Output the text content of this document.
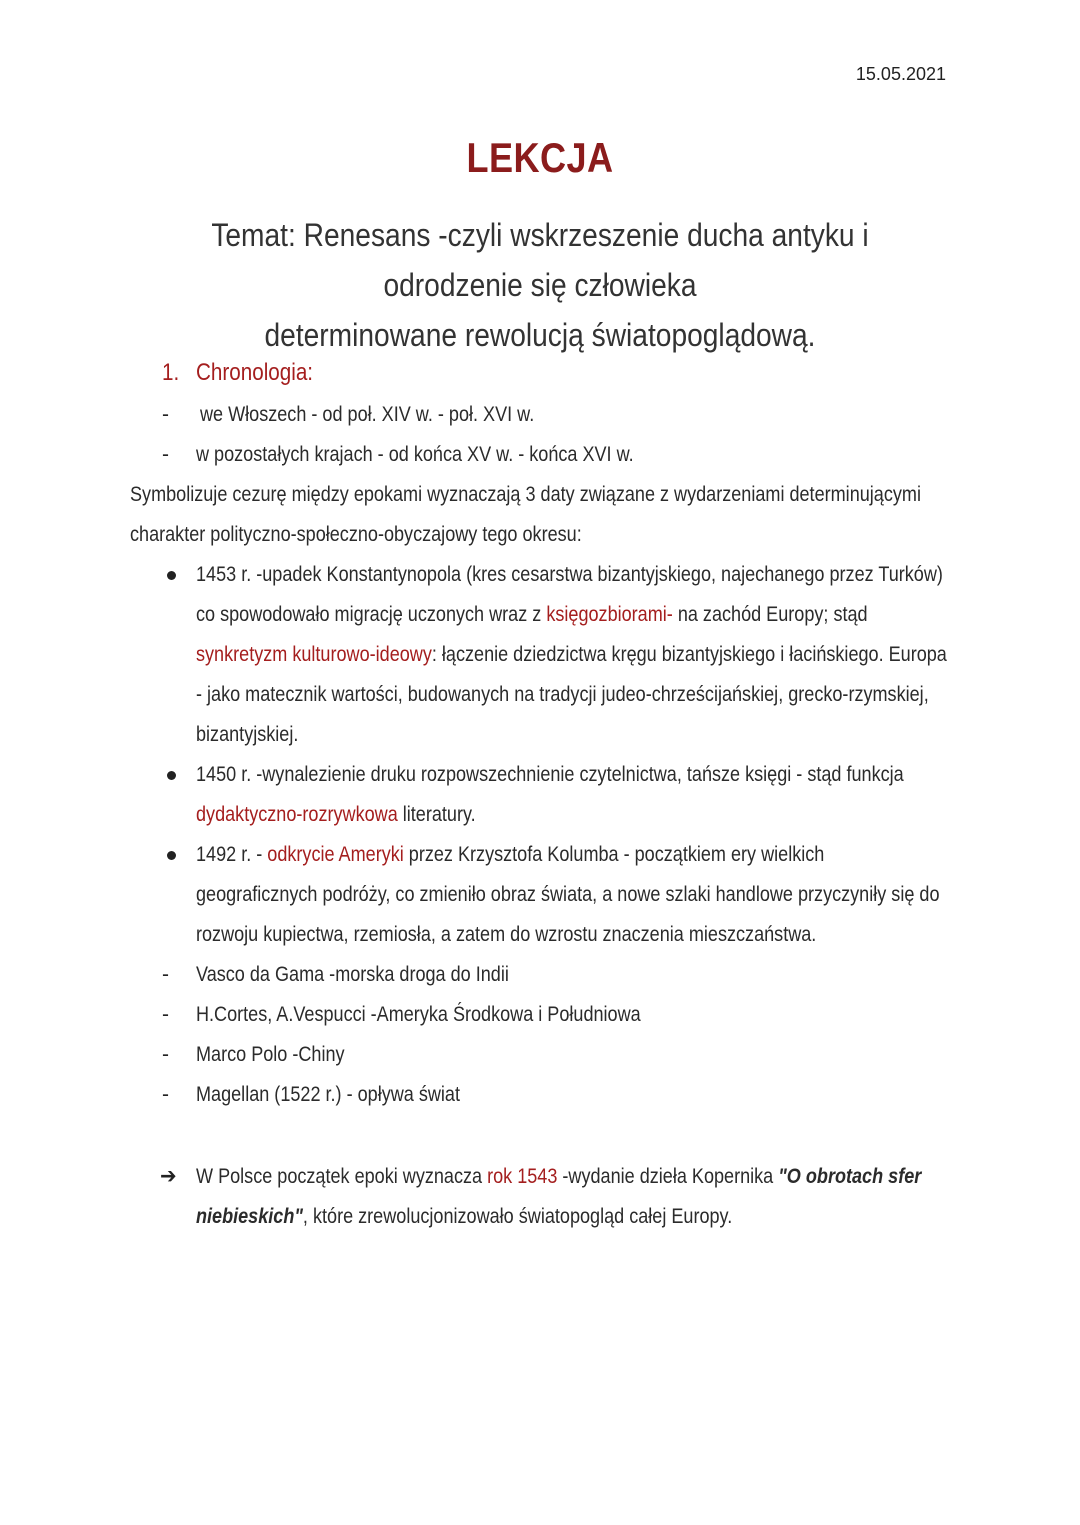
15.05.2021
LEKCJA
Temat: Renesans -czyli wskrzeszenie ducha antyku i odrodzenie się człowieka
determinowane rewolucją światopoglądową.
1. Chronologia:
- we Włoszech - od poł. XIV w. - poł. XVI w.
- w pozostałych krajach - od końca XV w. - końca XVI w.
Symbolizuje cezurę między epokami wyznaczają 3 daty związane z wydarzeniami determinującymi
charakter polityczno-społeczno-obyczajowy tego okresu:
1453 r. -upadek Konstantynopola (kres cesarstwa bizantyjskiego, najechanego przez Turków)
co spowodowało migrację uczonych wraz z księgozbiorami- na zachód Europy; stąd
synkretyzm kulturowo-ideowy: łączenie dziedzictwa kręgu bizantyjskiego i łacińskiego. Europa
- jako matecznik wartości, budowanych na tradycji judeo-chrześcijańskiej, grecko-rzymskiej,
bizantyjskiej.
1450 r. -wynalezienie druku rozpowszechnienie czytelnictwa, tańsze księgi - stąd funkcja
dydaktyczno-rozrywkowa literatury.
1492 r. - odkrycie Ameryki przez Krzysztofa Kolumba - początkiem ery wielkich
geograficznych podróży, co zmieniło obraz świata, a nowe szlaki handlowe przyczyniły się do
rozwoju kupiectwa, rzemiosła, a zatem do wzrostu znaczenia mieszczaństwa.
- Vasco da Gama -morska droga do Indii
- H.Cortes, A.Vespucci -Ameryka Środkowa i Południowa
- Marco Polo -Chiny
- Magellan (1522 r.) - opływa świat
➔ W Polsce początek epoki wyznacza rok 1543 -wydanie dzieła Kopernika "O obrotach sfer
niebieskich", które zrewolucjonizowało światopogląd całej Europy.
